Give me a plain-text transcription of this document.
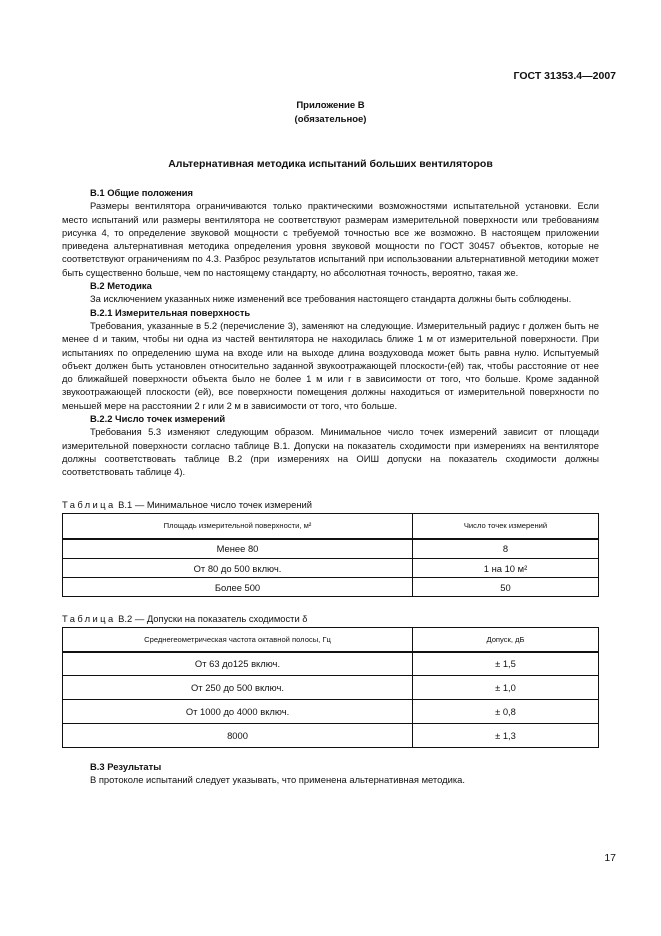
ГОСТ 31353.4—2007
Приложение В
(обязательное)
Альтернативная методика испытаний больших вентиляторов

В.1 Общие положения

Размеры вентилятора ограничиваются только практическими возможностями испытательной установки. Если место испытаний или размеры вентилятора не соответствуют размерам измерительной поверхности или требованиям рисунка 4, то определение звуковой мощности с требуемой точностью все же возможно. В настоящем приложении приведена альтернативная методика определения уровня звуковой мощности по ГОСТ 30457 объектов, которые не соответствуют ограничениям по 4.3. Разброс результатов испытаний при использовании альтернативной методики может быть существенно больше, чем по настоящему стандарту, но абсолютная точность, вероятно, такая же.

В.2 Методика

За исключением указанных ниже изменений все требования настоящего стандарта должны быть соблюдены.

В.2.1 Измерительная поверхность

Требования, указанные в 5.2 (перечисление 3), заменяют на следующие. Измерительный радиус r должен быть не менее d и таким, чтобы ни одна из частей вентилятора не находилась ближе 1 м от измерительной поверхности. При испытаниях по определению шума на входе или на выходе длина воздуховода может быть равна нулю. Испытуемый объект должен быть установлен относительно заданной звукоотражающей плоскости-(ей) так, чтобы расстояние от нее до ближайшей поверхности объекта было не более 1 м или r в зависимости от того, что больше. Кроме заданной звукоотражающей плоскости (ей), все поверхности помещения должны находиться от измерительной поверхности по меньшей мере на расстоянии 2 r или 2 м в зависимости от того, что больше.

В.2.2 Число точек измерений

Требования 5.3 изменяют следующим образом. Минимальное число точек измерений зависит от площади измерительной поверхности согласно таблице В.1. Допуски на показатель сходимости при измерениях на вентиляторе должны соответствовать таблице В.2 (при измерениях на ОИШ допуски на показатель сходимости должны соответствовать таблице 4).

Таблица В.1 — Минимальное число точек измерений
Площадь измерительной поверхности, м²	Число точек измерений
Менее 80	8
От 80 до 500 включ.	1 на 10 м²
Более 500	50
Таблица В.2 — Допуски на показатель сходимости δ
Среднегеометрическая частота октавной полосы, Гц	Допуск, дБ
От 63 до125 включ.	± 1,5
От 250 до 500 включ.	± 1,0
От 1000 до 4000 включ.	± 0,8
8000	± 1,3

В.3 Результаты

В протоколе испытаний следует указывать, что применена альтернативная методика.

17
